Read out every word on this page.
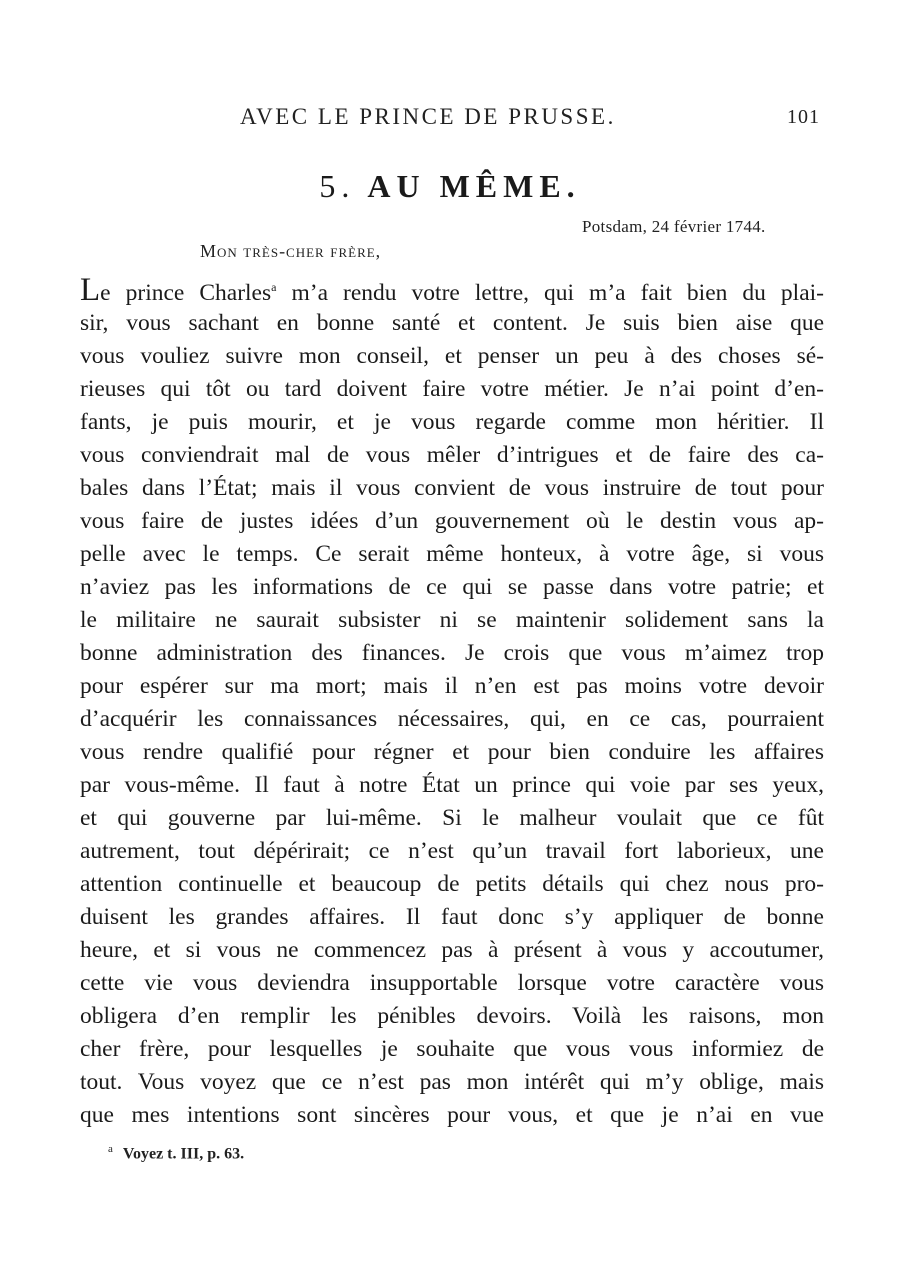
AVEC LE PRINCE DE PRUSSE.	101
5. AU MÊME.
Potsdam, 24 février 1744.
Mon très-cher frère,
Le prince Charles$^a$ m’a rendu votre lettre, qui m’a fait bien du plai-
sir, vous sachant en bonne santé et content. Je suis bien aise que
vous vouliez suivre mon conseil, et penser un peu à des choses sé-
rieuses qui tôt ou tard doivent faire votre métier. Je n’ai point d’en-
fants, je puis mourir, et je vous regarde comme mon héritier. Il
vous conviendrait mal de vous mêler d’intrigues et de faire des ca-
bales dans l’État; mais il vous convient de vous instruire de tout pour
vous faire de justes idées d’un gouvernement où le destin vous ap-
pelle avec le temps. Ce serait même honteux, à votre âge, si vous
n’aviez pas les informations de ce qui se passe dans votre patrie; et
le militaire ne saurait subsister ni se maintenir solidement sans la
bonne administration des finances. Je crois que vous m’aimez trop
pour espérer sur ma mort; mais il n’en est pas moins votre devoir
d’acquérir les connaissances nécessaires, qui, en ce cas, pourraient
vous rendre qualifié pour régner et pour bien conduire les affaires
par vous-même. Il faut à notre État un prince qui voie par ses yeux,
et qui gouverne par lui-même. Si le malheur voulait que ce fût
autrement, tout dépérirait; ce n’est qu’un travail fort laborieux, une
attention continuelle et beaucoup de petits détails qui chez nous pro-
duisent les grandes affaires. Il faut donc s’y appliquer de bonne
heure, et si vous ne commencez pas à présent à vous y accoutumer,
cette vie vous deviendra insupportable lorsque votre caractère vous
obligera d’en remplir les pénibles devoirs. Voilà les raisons, mon
cher frère, pour lesquelles je souhaite que vous vous informiez de
tout. Vous voyez que ce n’est pas mon intérêt qui m’y oblige, mais
que mes intentions sont sincères pour vous, et que je n’ai en vue
$^a$ Voyez t. III, p. 63.
